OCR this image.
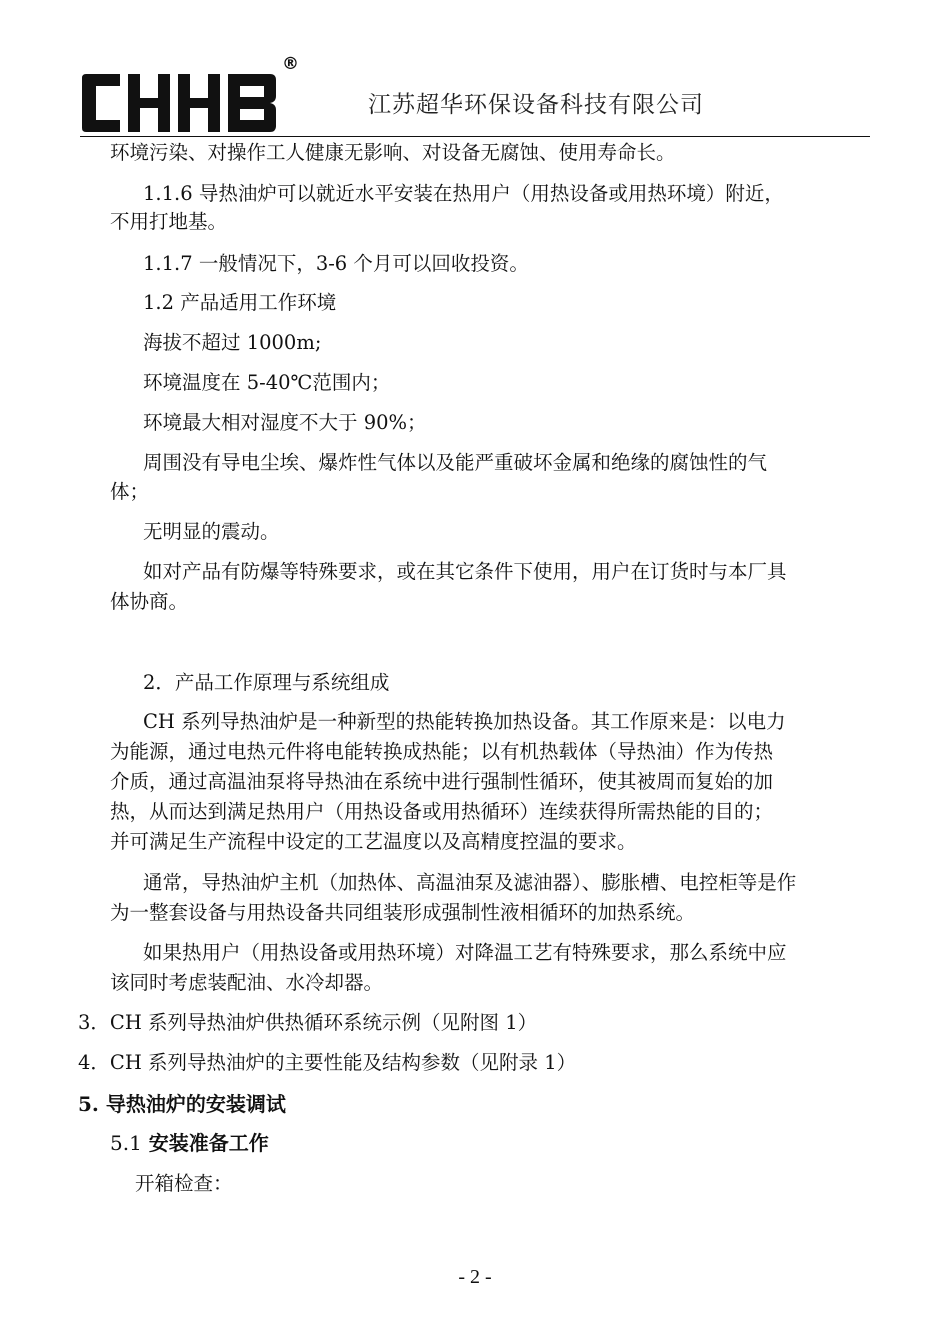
®
江苏超华环保设备科技有限公司
环境污染、对操作工人健康无影响、对设备无腐蚀、使用寿命长。
1.1.6 导热油炉可以就近水平安装在热用户（用热设备或用热环境）附近，
不用打地基。
1.1.7 一般情况下，3-6 个月可以回收投资。
1.2 产品适用工作环境
海拔不超过 1000m;
环境温度在 5-40℃范围内；
环境最大相对湿度不大于 90%；
周围没有导电尘埃、爆炸性气体以及能严重破坏金属和绝缘的腐蚀性的气
体；
无明显的震动。
如对产品有防爆等特殊要求，或在其它条件下使用，用户在订货时与本厂具
体协商。
2．产品工作原理与系统组成
CH 系列导热油炉是一种新型的热能转换加热设备。其工作原来是：以电力
为能源，通过电热元件将电能转换成热能；以有机热载体（导热油）作为传热
介质，通过高温油泵将导热油在系统中进行强制性循环，使其被周而复始的加
热，从而达到满足热用户（用热设备或用热循环）连续获得所需热能的目的；
并可满足生产流程中设定的工艺温度以及高精度控温的要求。
通常，导热油炉主机（加热体、高温油泵及滤油器）、膨胀槽、电控柜等是作
为一整套设备与用热设备共同组装形成强制性液相循环的加热系统。
如果热用户（用热设备或用热环境）对降温工艺有特殊要求，那么系统中应
该同时考虑装配油、水冷却器。
3．CH 系列导热油炉供热循环系统示例（见附图 1）
4．CH 系列导热油炉的主要性能及结构参数（见附录 1）
5. 导热油炉的安装调试
5.1 安装准备工作
开箱检查：
- 2 -
